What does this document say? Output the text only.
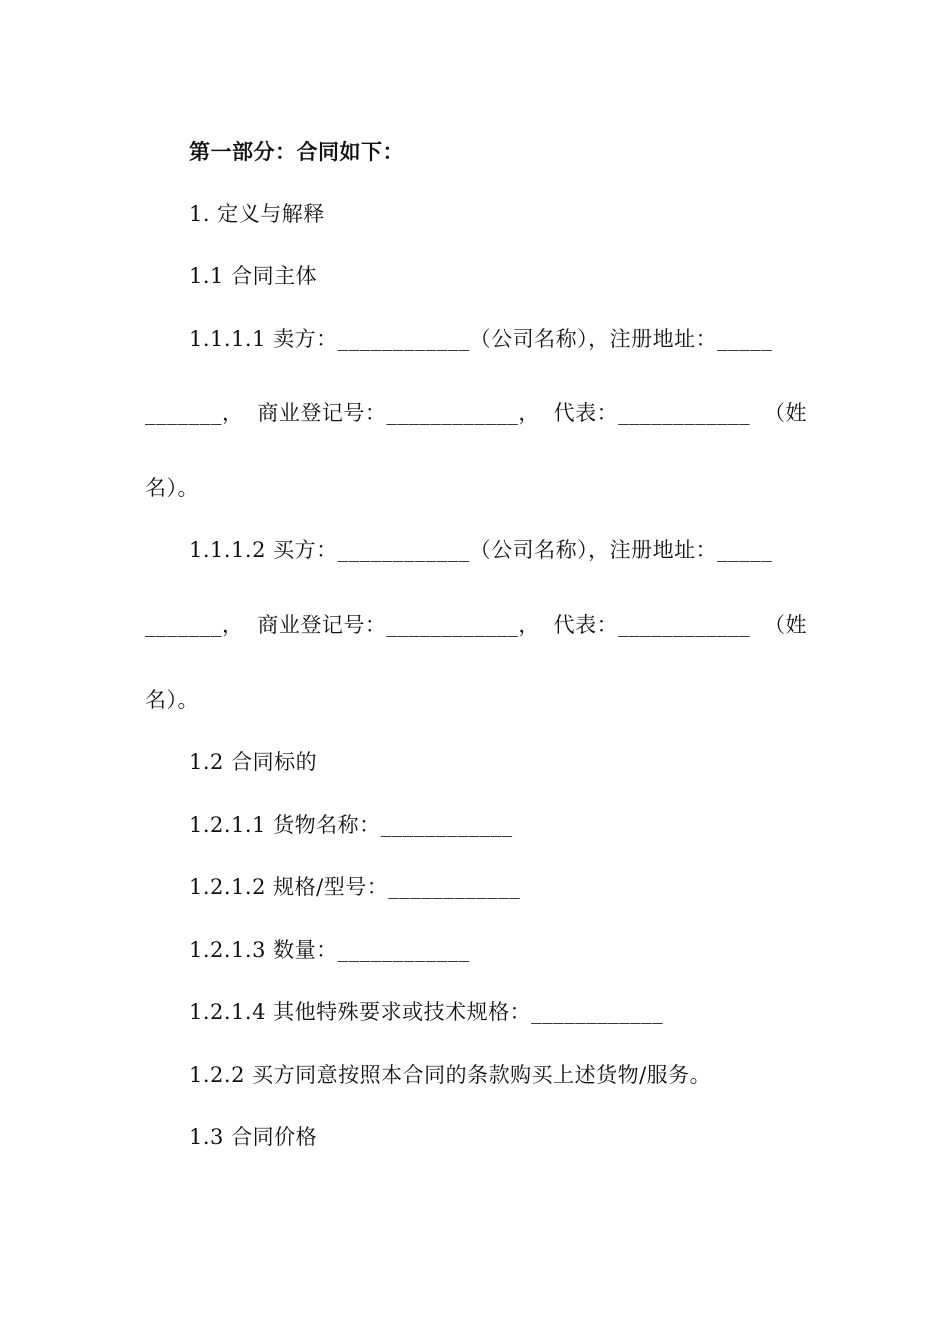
第一部分：合同如下：
1. 定义与解释
1.1 合同主体
1.1.1.1 卖方：____________（公司名称），注册地址：_____
_______， 商业登记号：____________， 代表：____________ （姓
名）。
1.1.1.2 买方：____________（公司名称），注册地址：_____
_______， 商业登记号：____________， 代表：____________ （姓
名）。
1.2 合同标的
1.2.1.1 货物名称：____________
1.2.1.2 规格/型号：____________
1.2.1.3 数量：____________
1.2.1.4 其他特殊要求或技术规格：____________
1.2.2 买方同意按照本合同的条款购买上述货物/服务。
1.3 合同价格
